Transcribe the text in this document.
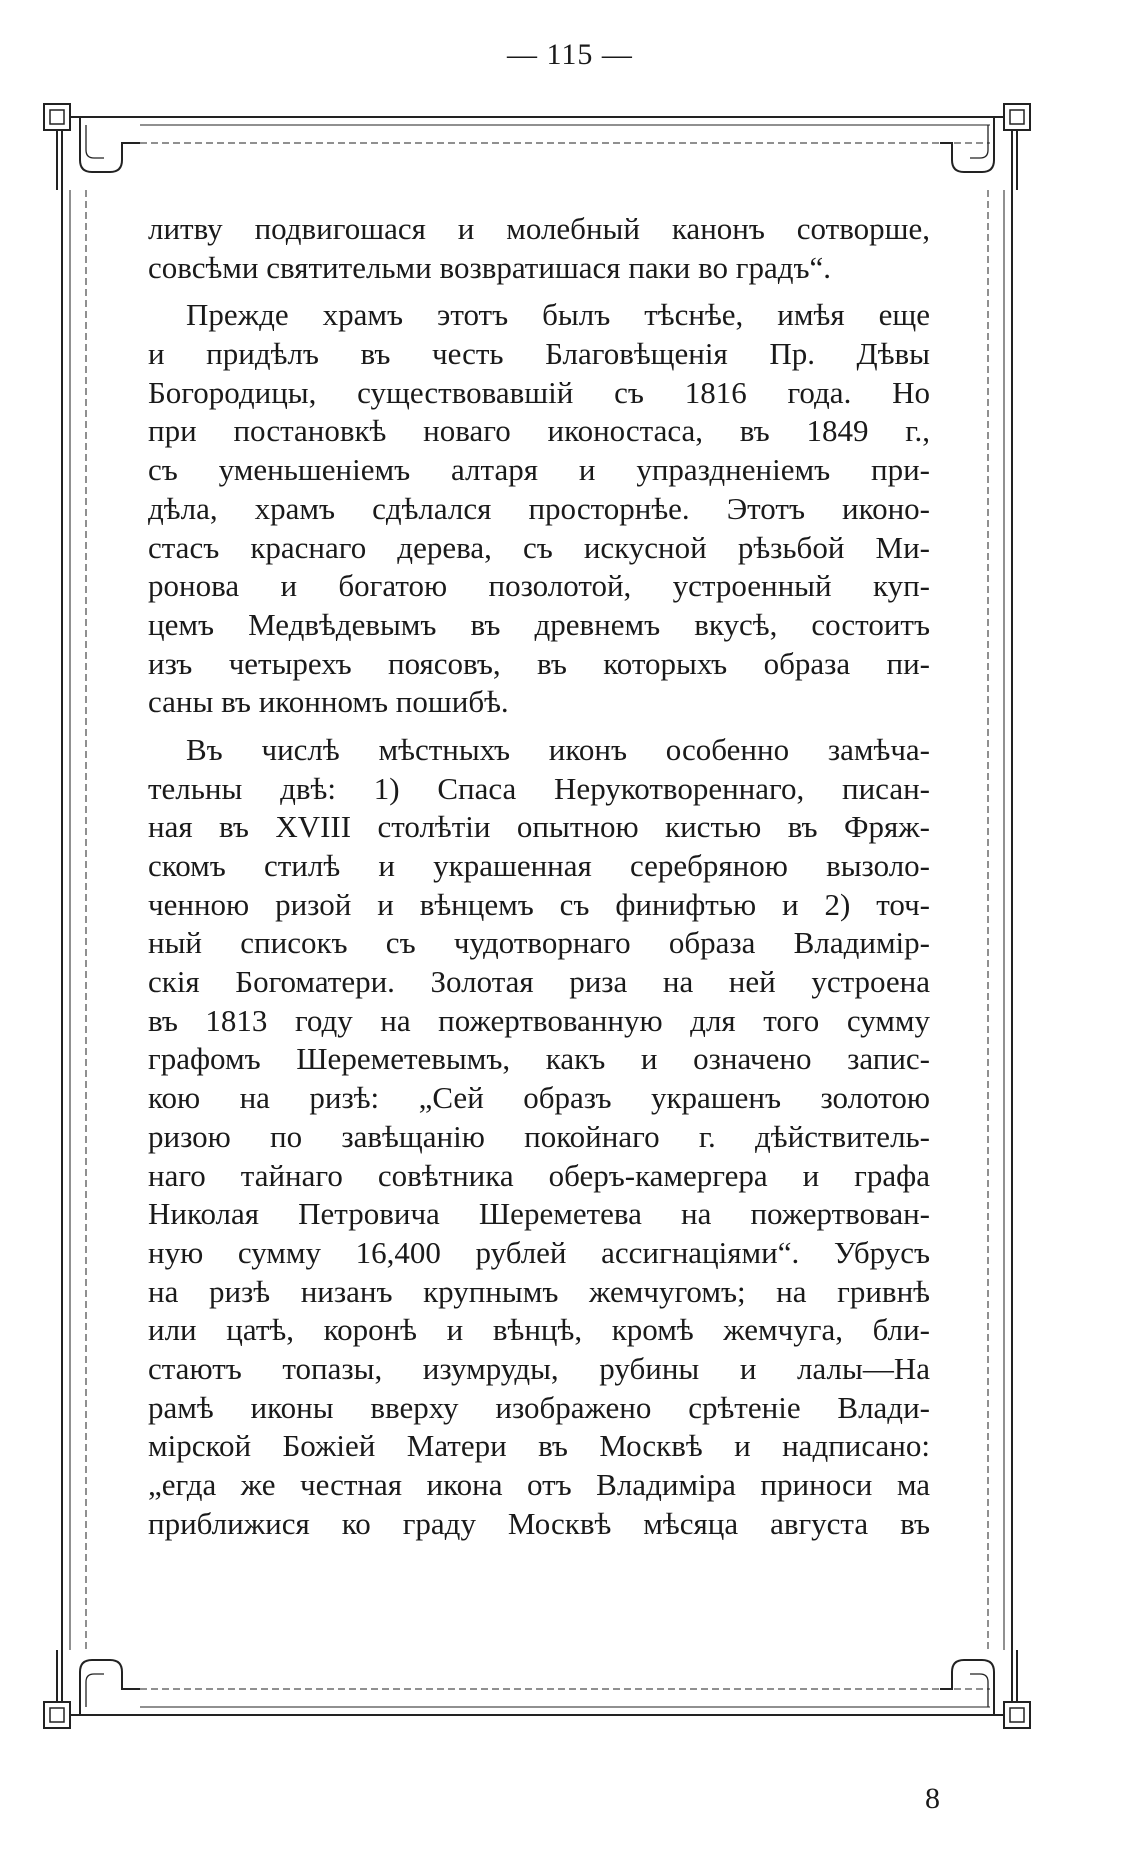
— 115 —
литву подвигошася и молебный канонъ сотворше,
совсѣми святительми возвратишася паки во градъ“.
Прежде храмъ этотъ былъ тѣснѣе, имѣя еще
и придѣлъ въ честь Благовѣщенія Пр. Дѣвы
Богородицы, существовавшій съ 1816 года. Но
при постановкѣ новаго иконостаса, въ 1849 г.,
съ уменьшеніемъ алтаря и упраздненіемъ при-
дѣла, храмъ сдѣлался просторнѣе. Этотъ иконо-
стасъ краснаго дерева, съ искусной рѣзьбой Ми-
ронова и богатою позолотой, устроенный куп-
цемъ Медвѣдевымъ въ древнемъ вкусѣ, состоитъ
изъ четырехъ поясовъ, въ которыхъ образа пи-
саны въ иконномъ пошибѣ.
Въ числѣ мѣстныхъ иконъ особенно замѣча-
тельны двѣ: 1) Спаса Нерукотвореннаго, писан-
ная въ XVIII столѣтіи опытною кистью въ Фряж-
скомъ стилѣ и украшенная серебряною вызоло-
ченною ризой и вѣнцемъ съ финифтью и 2) точ-
ный списокъ съ чудотворнаго образа Владимір-
скія Богоматери. Золотая риза на ней устроена
въ 1813 году на пожертвованную для того сумму
графомъ Шереметевымъ, какъ и означено запис-
кою на ризѣ: „Сей образъ украшенъ золотою
ризою по завѣщанію покойнаго г. дѣйствитель-
наго тайнаго совѣтника оберъ-камергера и графа
Николая Петровича Шереметева на пожертвован-
ную сумму 16,400 рублей ассигнаціями“. Убрусъ
на ризѣ низанъ крупнымъ жемчугомъ; на гривнѣ
или цатѣ, коронѣ и вѣнцѣ, кромѣ жемчуга, бли-
стаютъ топазы, изумруды, рубины и лалы—На
рамѣ иконы вверху изображено срѣтеніе Влади-
мірской Божіей Матери въ Москвѣ и надписано:
„егда же честная икона отъ Владиміра приноси ма
приближися ко граду Москвѣ мѣсяца августа въ
8
